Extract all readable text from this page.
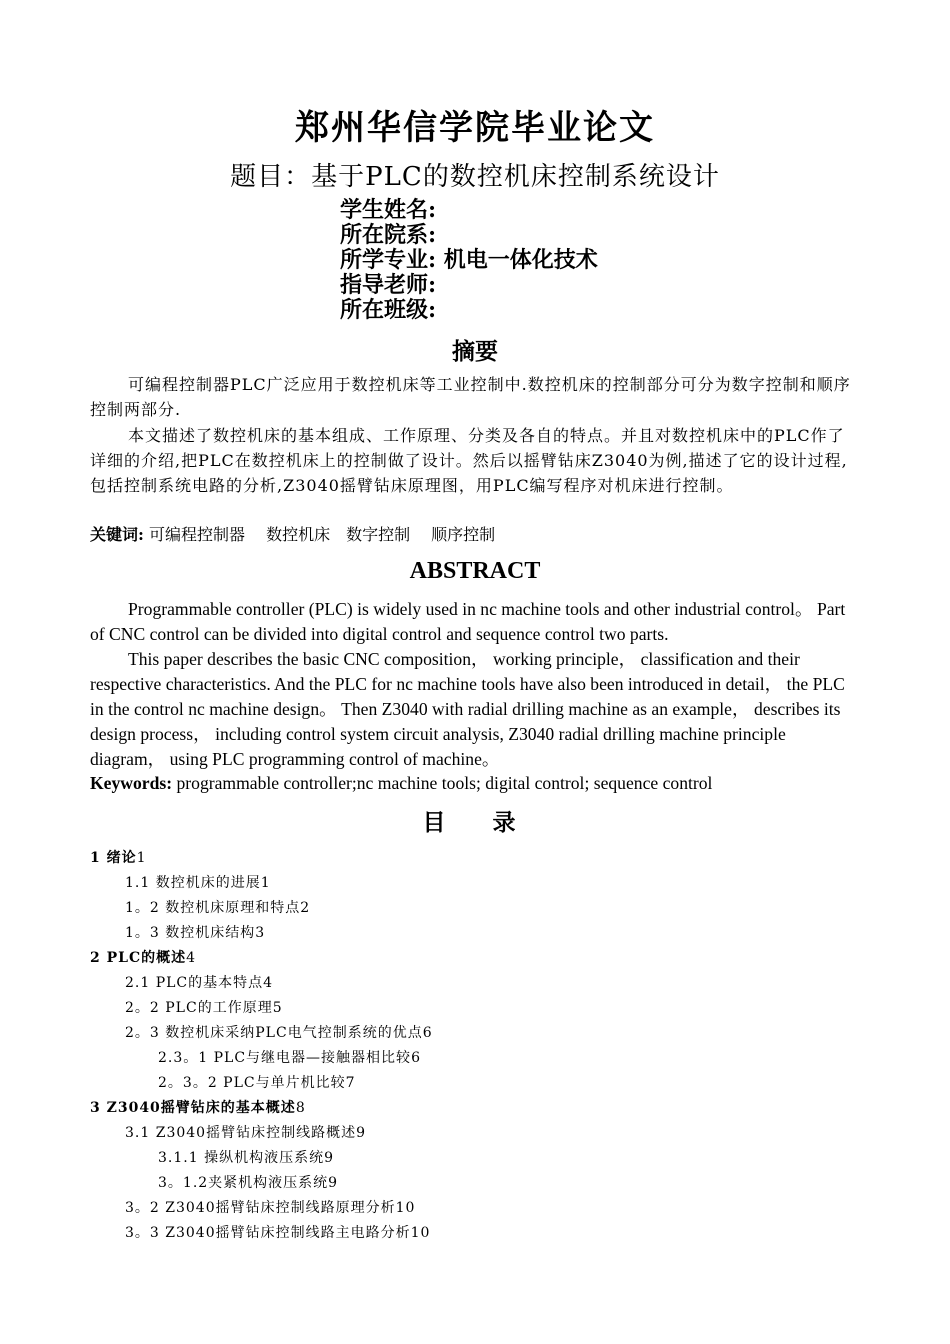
郑州华信学院毕业论文
题目：基于PLC的数控机床控制系统设计
学生姓名:
所在院系:
所学专业: 机电一体化技术
指导老师:
所在班级:
摘要
可编程控制器PLC广泛应用于数控机床等工业控制中.数控机床的控制部分可分为数字控制和顺序控制两部分.
本文描述了数控机床的基本组成、工作原理、分类及各自的特点。并且对数控机床中的PLC作了详细的介绍,把PLC在数控机床上的控制做了设计。然后以摇臂钻床Z3040为例,描述了它的设计过程,包括控制系统电路的分析,Z3040摇臂钻床原理图，用PLC编写程序对机床进行控制。
关键词: 可编程控制器　 数控机床　数字控制　 顺序控制
ABSTRACT
Programmable controller (PLC) is widely used in nc machine tools and other industrial control。 Part of CNC control can be divided into digital control and sequence control two parts.
This paper describes the basic CNC composition， working principle， classification and their respective characteristics. And the PLC for nc machine tools have also been introduced in detail， the PLC in the control nc machine design。 Then Z3040 with radial drilling machine as an example， describes its design process， including control system circuit analysis, Z3040 radial drilling machine principle diagram， using PLC programming control of machine。
Keywords: programmable controller;nc machine tools; digital control; sequence control
目　录
1 绪论1
1.1 数控机床的进展1
1。2 数控机床原理和特点2
1。3 数控机床结构3
2 PLC的概述4
2.1 PLC的基本特点4
2。2 PLC的工作原理5
2。3 数控机床采纳PLC电气控制系统的优点6
2.3。1 PLC与继电器—接触器相比较6
2。3。2 PLC与单片机比较7
3 Z3040摇臂钻床的基本概述8
3.1 Z3040摇臂钻床控制线路概述9
3.1.1 操纵机构液压系统9
3。1.2夹紧机构液压系统9
3。2 Z3040摇臂钻床控制线路原理分析10
3。3 Z3040摇臂钻床控制线路主电路分析10
